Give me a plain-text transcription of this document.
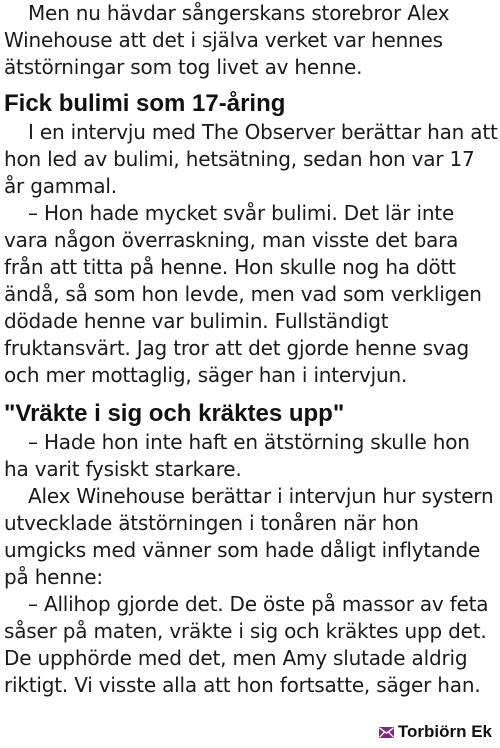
Men nu hävdar sångerskans storebror Alex Winehouse att det i själva verket var hennes ätstörningar som tog livet av henne.

Fick bulimi som 17-åring

I en intervju med The Observer berättar han att hon led av bulimi, hetsätning, sedan hon var 17 år gammal.

– Hon hade mycket svår bulimi. Det lär inte vara någon överraskning, man visste det bara från att titta på henne. Hon skulle nog ha dött ändå, så som hon levde, men vad som verkligen dödade henne var bulimin. Fullständigt fruktansvärt. Jag tror att det gjorde henne svag och mer mottaglig, säger han i intervjun.

"Vräkte i sig och kräktes upp"

– Hade hon inte haft en ätstörning skulle hon ha varit fysiskt starkare.

Alex Winehouse berättar i intervjun hur systern utvecklade ätstörningen i tonåren när hon umgicks med vänner som hade dåligt inflytande på henne:

– Allihop gjorde det. De öste på massor av feta såser på maten, vräkte i sig och kräktes upp det. De upphörde med det, men Amy slutade aldrig riktigt. Vi visste alla att hon fortsatte, säger han.

Torbiörn Ek
